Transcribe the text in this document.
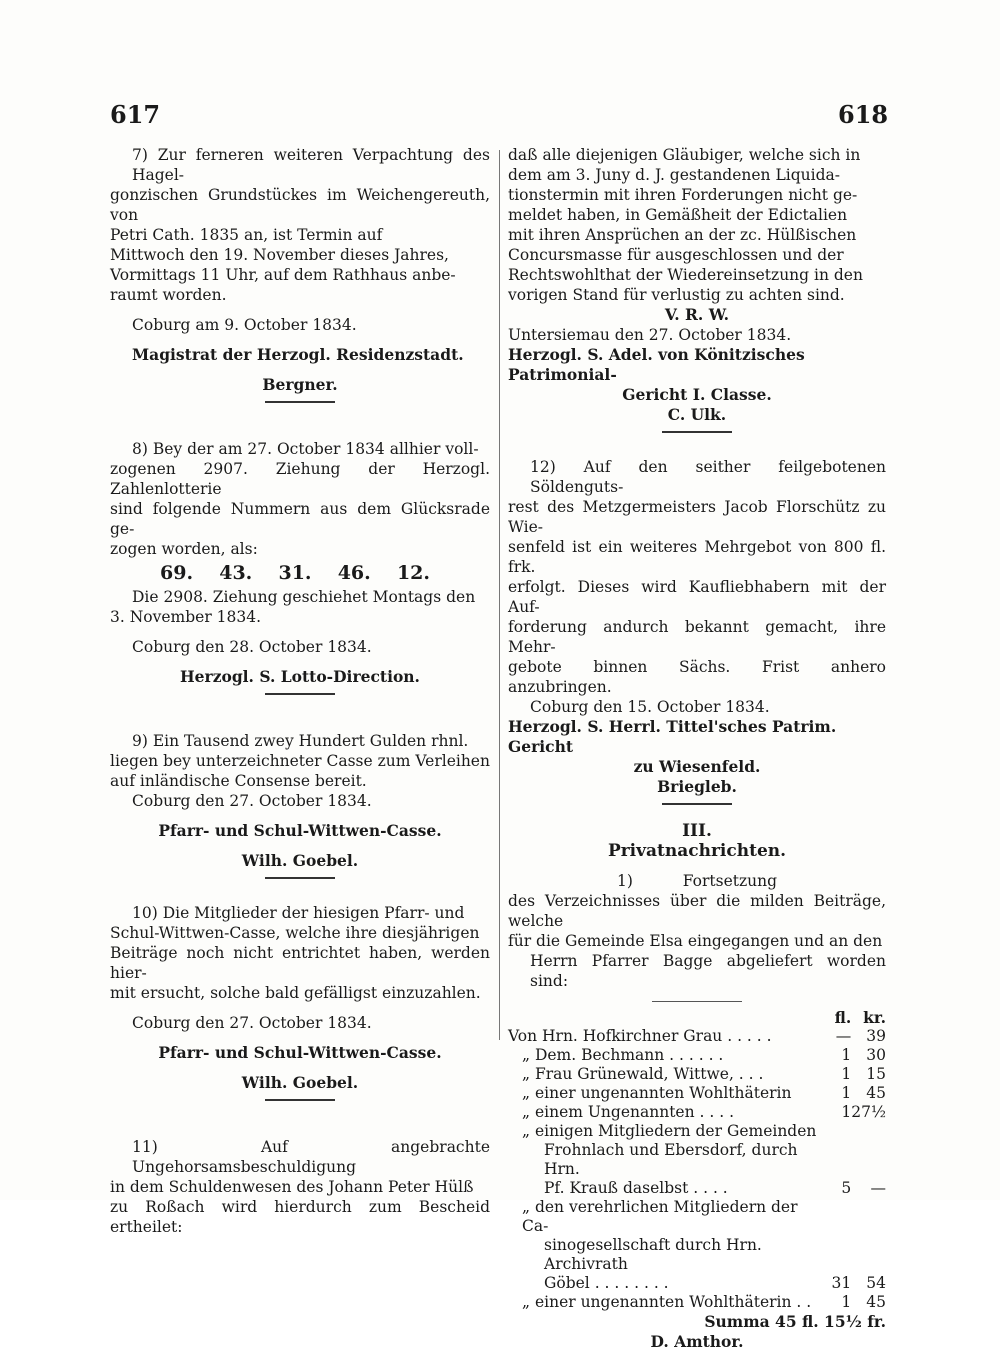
617	618

7) Zur ferneren weiteren Verpachtung des Hagel-

gonzischen Grundstückes im Weichengereuth, von

Petri Cath. 1835 an, ist Termin auf

Mittwoch den 19. November dieses Jahres,

Vormittags 11 Uhr, auf dem Rathhaus anbe-

raumt worden.

Coburg am 9. October 1834.

Magistrat der Herzogl. Residenzstadt.

Bergner.

8) Bey der am 27. October 1834 allhier voll-

zogenen 2907. Ziehung der Herzogl. Zahlenlotterie

sind folgende Nummern aus dem Glücksrade ge-

zogen worden, als:

69. 43. 31. 46. 12.

Die 2908. Ziehung geschiehet Montags den

3. November 1834.

Coburg den 28. October 1834.

Herzogl. S. Lotto-Direction.

9) Ein Tausend zwey Hundert Gulden rhnl.

liegen bey unterzeichneter Casse zum Verleihen

auf inländische Consense bereit.

Coburg den 27. October 1834.

Pfarr- und Schul-Wittwen-Casse.

Wilh. Goebel.

10) Die Mitglieder der hiesigen Pfarr- und

Schul-Wittwen-Casse, welche ihre diesjährigen

Beiträge noch nicht entrichtet haben, werden hier-

mit ersucht, solche bald gefälligst einzuzahlen.

Coburg den 27. October 1834.

Pfarr- und Schul-Wittwen-Casse.

Wilh. Goebel.

11) Auf angebrachte Ungehorsamsbeschuldigung

in dem Schuldenwesen des Johann Peter Hülß

zu Roßach wird hierdurch zum Bescheid ertheilet:

daß alle diejenigen Gläubiger, welche sich in

dem am 3. Juny d. J. gestandenen Liquida-

tionstermin mit ihren Forderungen nicht ge-

meldet haben, in Gemäßheit der Edictalien

mit ihren Ansprüchen an der zc. Hülßischen

Concursmasse für ausgeschlossen und der

Rechtswohlthat der Wiedereinsetzung in den

vorigen Stand für verlustig zu achten sind.

V. R. W.

Untersiemau den 27. October 1834.

Herzogl. S. Adel. von Könitzisches Patrimonial-

Gericht I. Classe.

C. Ulk.

12) Auf den seither feilgebotenen Söldenguts-

rest des Metzgermeisters Jacob Florschütz zu Wie-

senfeld ist ein weiteres Mehrgebot von 800 fl. frk.

erfolgt. Dieses wird Kaufliebhabern mit der Auf-

forderung andurch bekannt gemacht, ihre Mehr-

gebote binnen Sächs. Frist anhero anzubringen.

Coburg den 15. October 1834.

Herzogl. S. Herrl. Tittel'sches Patrim. Gericht

zu Wiesenfeld.

Briegleb.

III.

Privatnachrichten.

1)	Fortsetzung

des Verzeichnisses über die milden Beiträge, welche

für die Gemeinde Elsa eingegangen und an den

Herrn Pfarrer Bagge abgeliefert worden sind:

	fl.	kr.
Von Hrn. Hofkirchner Grau . . . . .	—	39
„ Dem. Bechmann . . . . . .	1	30
„ Frau Grünewald, Wittwe, . . .	1	15
„ einer ungenannten Wohlthäterin	1	45
„ einem Ungenannten . . . .	1	27½
„ einigen Mitgliedern der Gemeinden		
Frohnlach und Ebersdorf, durch Hrn.		
Pf. Krauß daselbst . . . .	5	—
„ den verehrlichen Mitgliedern der Ca-		
sinogesellschaft durch Hrn. Archivrath		
Göbel . . . . . . . .	31	54
„ einer ungenannten Wohlthäterin . .	1	45

Summa 45 fl. 15½ fr.

D. Amthor.
